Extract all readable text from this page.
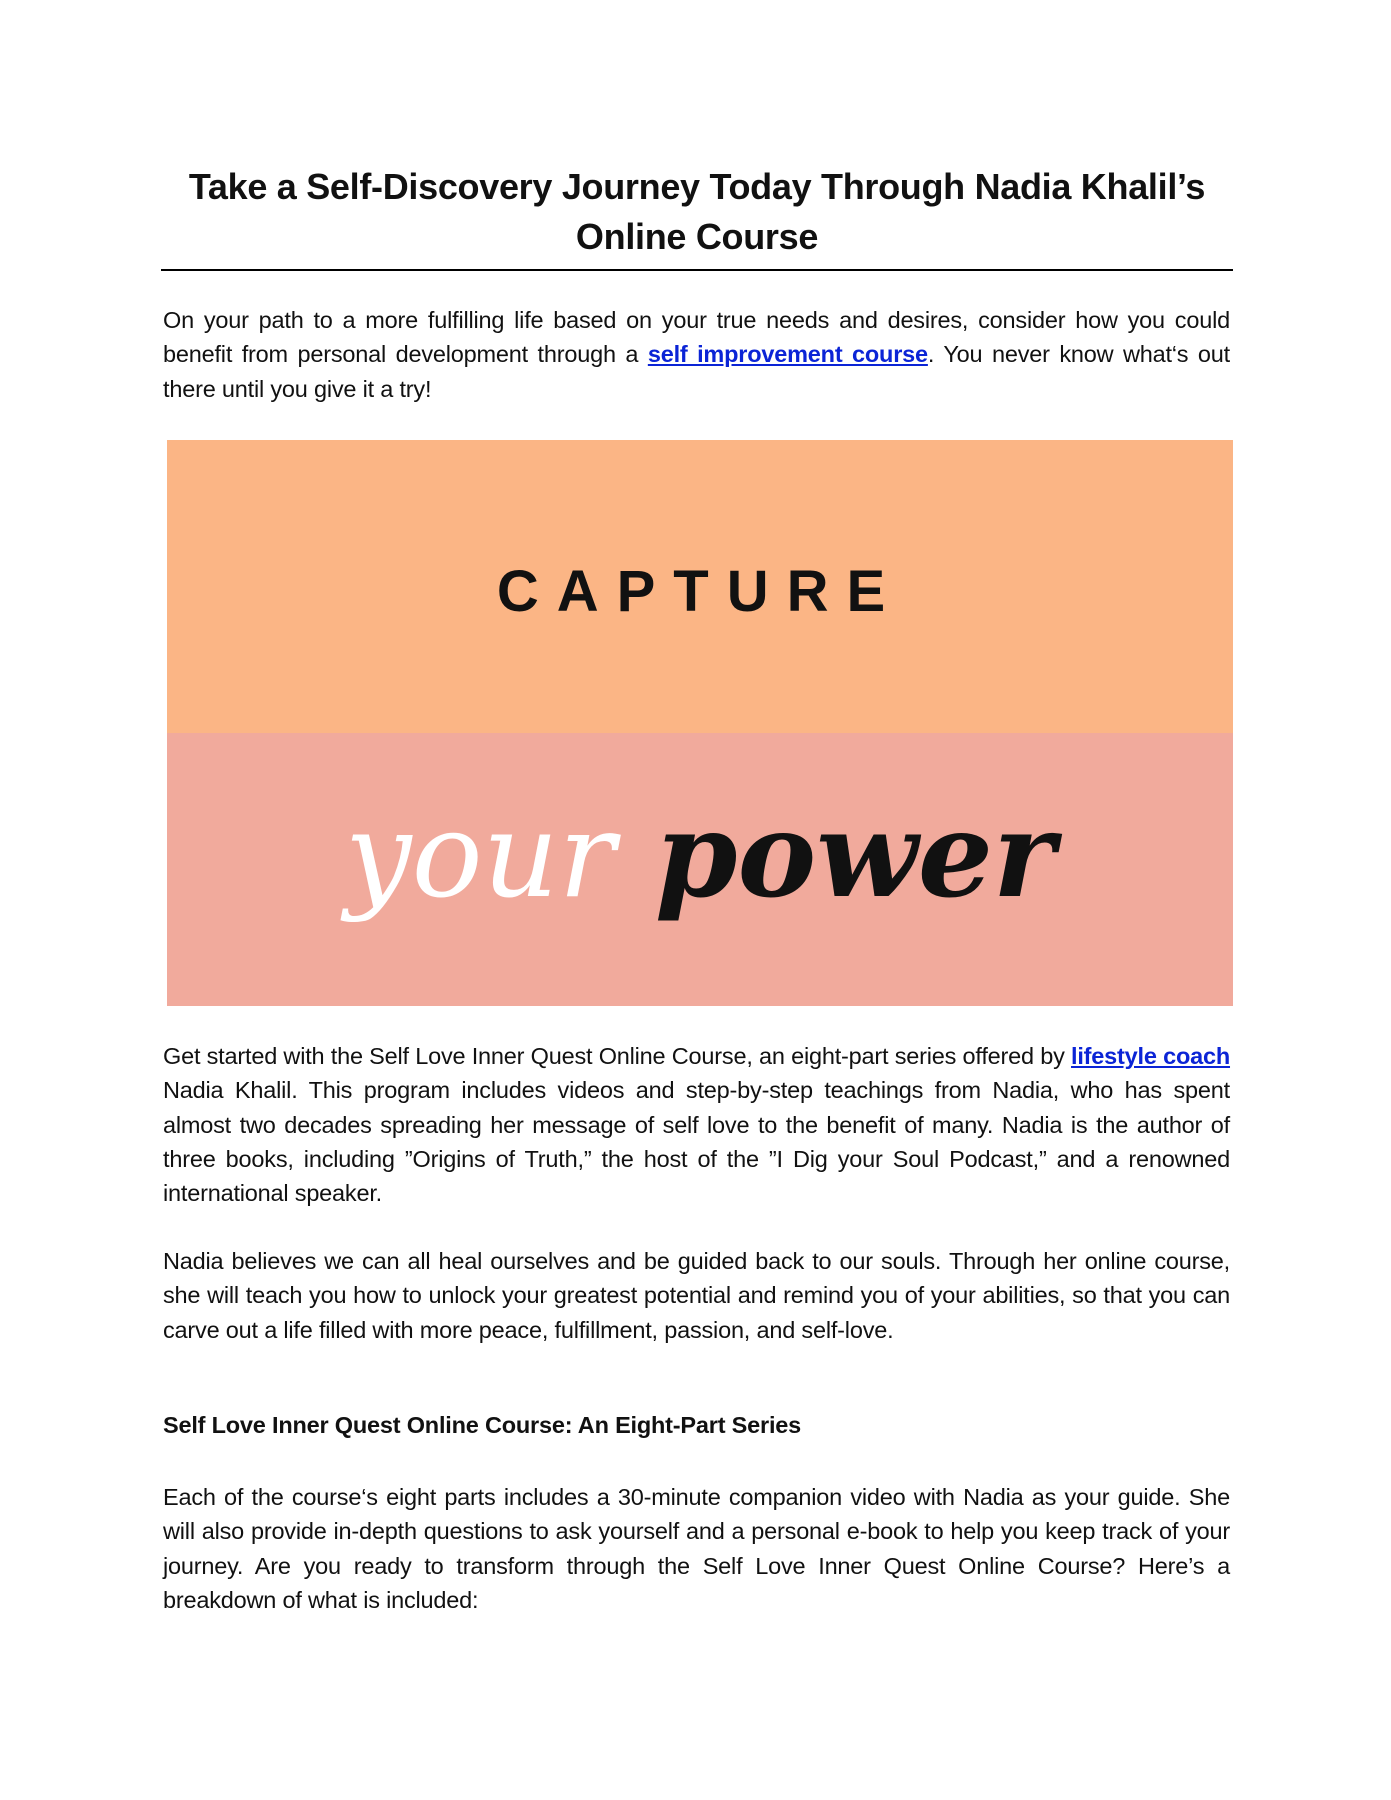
Take a Self-Discovery Journey Today Through Nadia Khalil’s Online Course

On your path to a more fulfilling life based on your true needs and desires, consider how you could benefit from personal development through a self improvement course. You never know what‘s out there until you give it a try!

CAPTURE
your power

Get started with the Self Love Inner Quest Online Course, an eight-part series offered by lifestyle coach Nadia Khalil. This program includes videos and step-by-step teachings from Nadia, who has spent almost two decades spreading her message of self love to the benefit of many. Nadia is the author of three books, including ”Origins of Truth,” the host of the ”I Dig your Soul Podcast,” and a renowned international speaker.

Nadia believes we can all heal ourselves and be guided back to our souls. Through her online course, she will teach you how to unlock your greatest potential and remind you of your abilities, so that you can carve out a life filled with more peace, fulfillment, passion, and self-love.

Self Love Inner Quest Online Course: An Eight-Part Series

Each of the course‘s eight parts includes a 30-minute companion video with Nadia as your guide. She will also provide in-depth questions to ask yourself and a personal e-book to help you keep track of your journey. Are you ready to transform through the Self Love Inner Quest Online Course? Here’s a breakdown of what is included:
